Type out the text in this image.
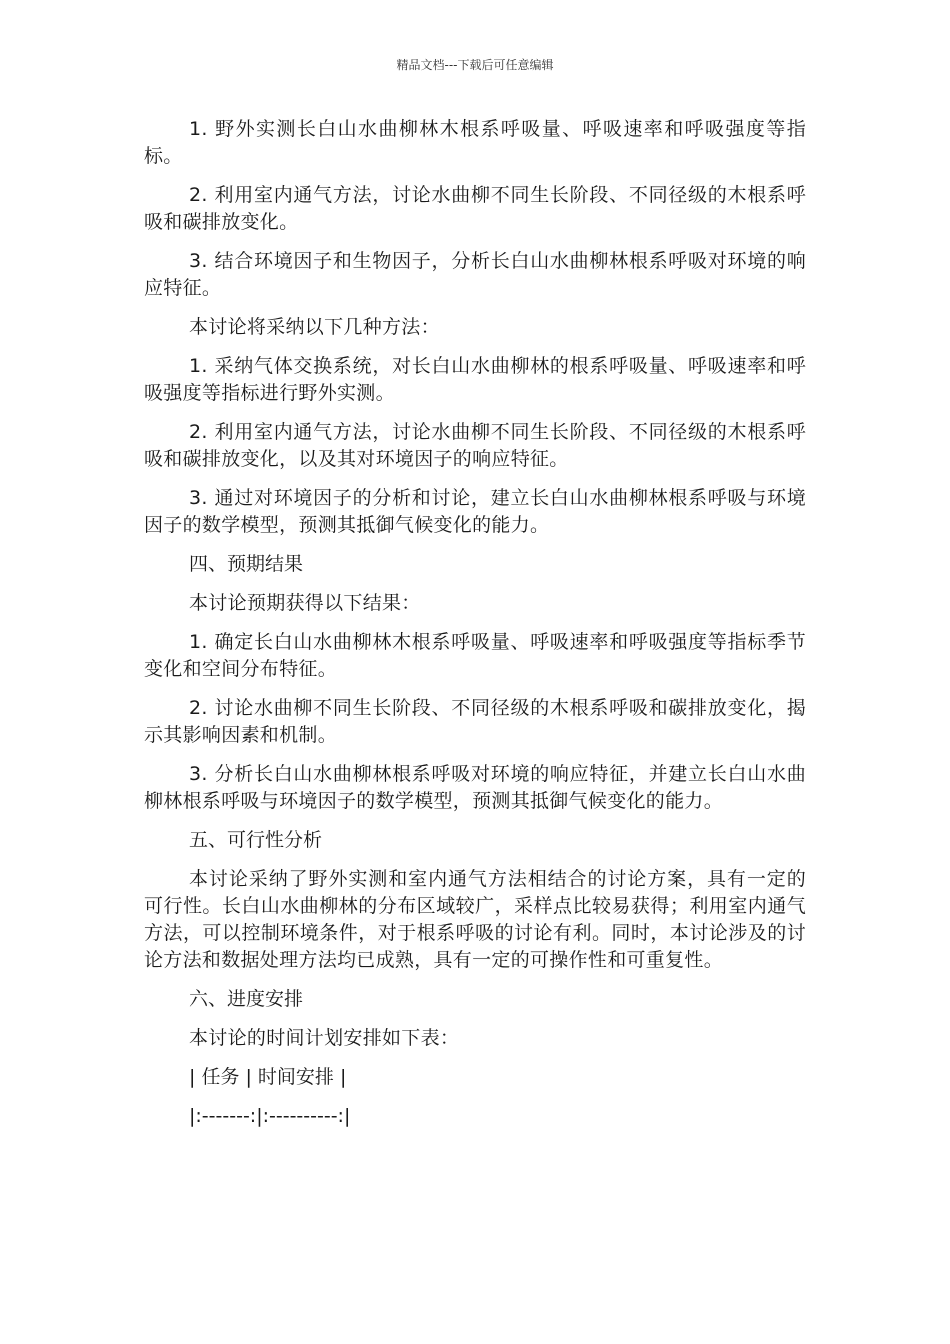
精品文档---下载后可任意编辑

1. 野外实测长白山水曲柳林木根系呼吸量、呼吸速率和呼吸强度等指标。

2. 利用室内通气方法，讨论水曲柳不同生长阶段、不同径级的木根系呼吸和碳排放变化。

3. 结合环境因子和生物因子，分析长白山水曲柳林根系呼吸对环境的响应特征。

本讨论将采纳以下几种方法：

1. 采纳气体交换系统，对长白山水曲柳林的根系呼吸量、呼吸速率和呼吸强度等指标进行野外实测。

2. 利用室内通气方法，讨论水曲柳不同生长阶段、不同径级的木根系呼吸和碳排放变化，以及其对环境因子的响应特征。

3. 通过对环境因子的分析和讨论，建立长白山水曲柳林根系呼吸与环境因子的数学模型，预测其抵御气候变化的能力。

四、预期结果

本讨论预期获得以下结果：

1. 确定长白山水曲柳林木根系呼吸量、呼吸速率和呼吸强度等指标季节变化和空间分布特征。

2. 讨论水曲柳不同生长阶段、不同径级的木根系呼吸和碳排放变化，揭示其影响因素和机制。

3. 分析长白山水曲柳林根系呼吸对环境的响应特征，并建立长白山水曲柳林根系呼吸与环境因子的数学模型，预测其抵御气候变化的能力。

五、可行性分析

本讨论采纳了野外实测和室内通气方法相结合的讨论方案，具有一定的可行性。长白山水曲柳林的分布区域较广，采样点比较易获得；利用室内通气方法，可以控制环境条件，对于根系呼吸的讨论有利。同时，本讨论涉及的讨论方法和数据处理方法均已成熟，具有一定的可操作性和可重复性。

六、进度安排

本讨论的时间计划安排如下表：

| 任务 | 时间安排 |

|:-------:|:----------:|
